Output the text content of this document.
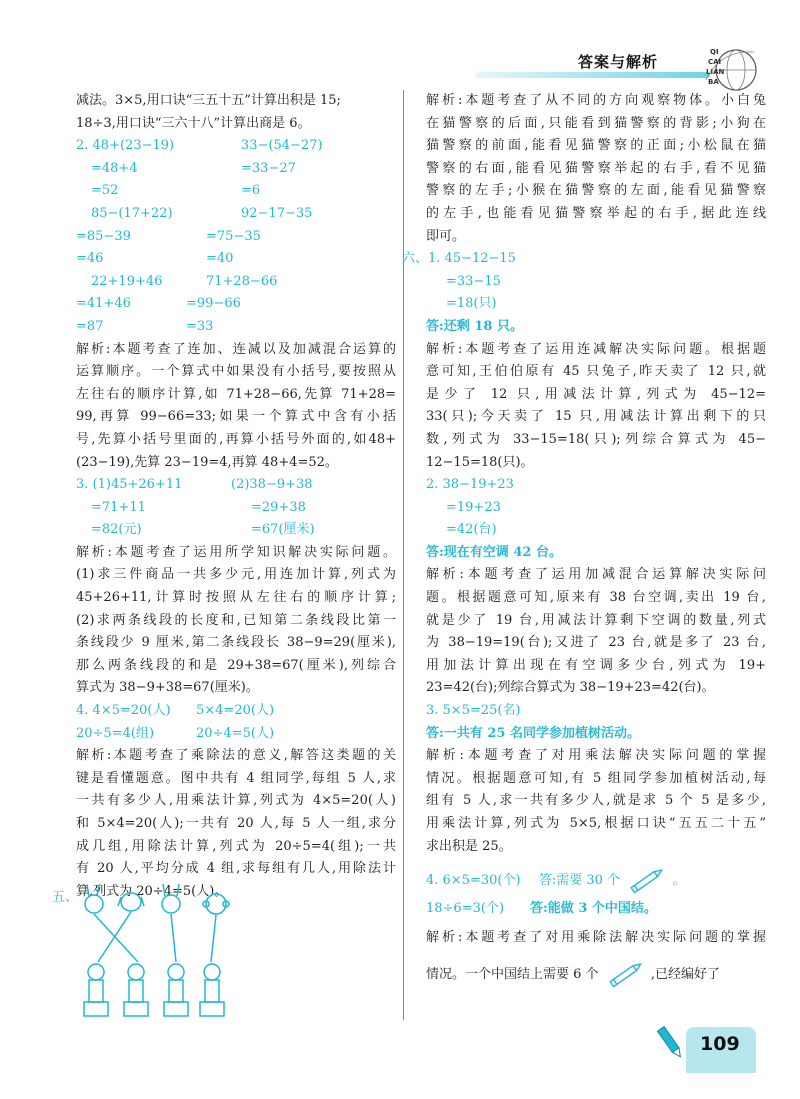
答案与解析
QI
CAI
LIAN
BA
减法。3×5,用口诀“三五十五”计算出积是 15;
18÷3,用口诀“三六十八”计算出商是 6。
2. 48+(23−19)	33−(54−27)
=48+4	=33−27
=52	=6
85−(17+22)	92−17−35
=85−39	=75−35
=46	=40
22+19+46	71+28−66
=41+46	=99−66
=87	=33
解析:本题考查了连加、连减以及加减混合运算的
运算顺序。一个算式中如果没有小括号,要按照从
左往右的顺序计算,如 71+28−66,先算 71+28=
99,再算 99−66=33;如果一个算式中含有小括
号,先算小括号里面的,再算小括号外面的,如48+
(23−19),先算 23−19=4,再算 48+4=52。
3. (1)45+26+11	(2)38−9+38
=71+11	=29+38
=82(元)	=67(厘米)
解析:本题考查了运用所学知识解决实际问题。
(1)求三件商品一共多少元,用连加计算,列式为
45+26+11,计算时按照从左往右的顺序计算;
(2)求两条线段的长度和,已知第二条线段比第一
条线段少 9 厘米,第二条线段长 38−9=29(厘米),
那么两条线段的和是 29+38=67(厘米),列综合
算式为 38−9+38=67(厘米)。
4. 4×5=20(人) 5×4=20(人)
20÷5=4(组)	20÷4=5(人)
解析:本题考查了乘除法的意义,解答这类题的关
键是看懂题意。图中共有 4 组同学,每组 5 人,求
一共有多少人,用乘法计算,列式为 4×5=20(人)
和 5×4=20(人);一共有 20 人,每 5 人一组,求分
成几组,用除法计算,列式为 20÷5=4(组);一共
有 20 人,平均分成 4 组,求每组有几人,用除法计
算,列式为 20÷4=5(人)。
五、
解析:本题考查了从不同的方向观察物体。小白兔
在猫警察的后面,只能看到猫警察的背影;小狗在
猫警察的前面,能看见猫警察的正面;小松鼠在猫
警察的右面,能看见猫警察举起的右手,看不见猫
警察的左手;小猴在猫警察的左面,能看见猫警察
的左手,也能看见猫警察举起的右手,据此连线
即可。
六、1. 45−12−15
=33−15
=18(只)
答:还剩 18 只。
解析:本题考查了运用连减解决实际问题。根据题
意可知,王伯伯原有 45 只兔子,昨天卖了 12 只,就
是少了 12 只,用减法计算,列式为 45−12=
33(只);今天卖了 15 只,用减法计算出剩下的只
数,列式为 33−15=18(只);列综合算式为 45−
12−15=18(只)。
2. 38−19+23
=19+23
=42(台)
答:现在有空调 42 台。
解析:本题考查了运用加减混合运算解决实际问
题。根据题意可知,原来有 38 台空调,卖出 19 台,
就是少了 19 台,用减法计算剩下空调的数量,列式
为 38−19=19(台);又进了 23 台,就是多了 23 台,
用加法计算出现在有空调多少台,列式为 19+
23=42(台);列综合算式为 38−19+23=42(台)。
3. 5×5=25(名)
答:一共有 25 名同学参加植树活动。
解析:本题考查了对用乘法解决实际问题的掌握
情况。根据题意可知,有 5 组同学参加植树活动,每
组有 5 人,求一共有多少人,就是求 5 个 5 是多少,
用乘法计算,列式为 5×5,根据口诀“五五二十五”
求出积是 25。
4. 6×5=30(个) 答:需要 30 个	。
18÷6=3(个) 答:能做 3 个中国结。
解析:本题考查了对用乘除法解决实际问题的掌握
情况。一个中国结上需要 6 个	,已经编好了
109
